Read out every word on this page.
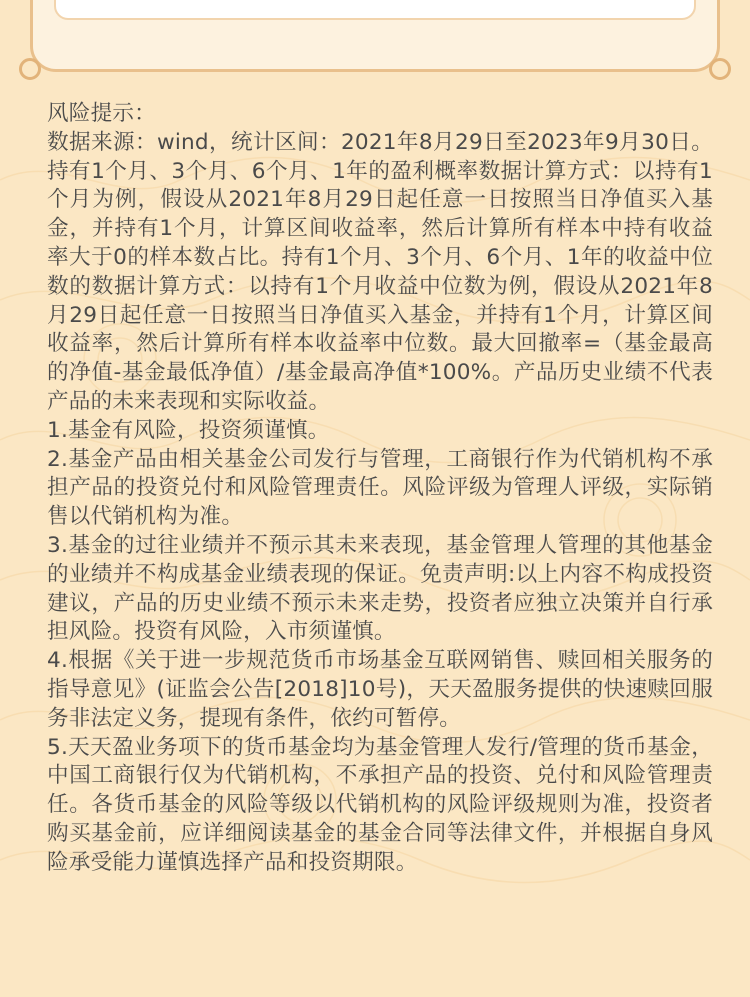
风险提示：

数据来源：wind，统计区间：2021年8月29日至2023年9月30日。持有1个月、3个月、6个月、1年的盈利概率数据计算方式：以持有1个月为例，假设从2021年8月29日起任意一日按照当日净值买入基金，并持有1个月，计算区间收益率，然后计算所有样本中持有收益率大于0的样本数占比。持有1个月、3个月、6个月、1年的收益中位数的数据计算方式：以持有1个月收益中位数为例，假设从2021年8月29日起任意一日按照当日净值买入基金，并持有1个月，计算区间收益率，然后计算所有样本收益率中位数。最大回撤率=（基金最高的净值-基金最低净值）/基金最高净值*100%。产品历史业绩不代表产品的未来表现和实际收益。

1.基金有风险，投资须谨慎。

2.基金产品由相关基金公司发行与管理，工商银行作为代销机构不承担产品的投资兑付和风险管理责任。风险评级为管理人评级，实际销售以代销机构为准。

3.基金的过往业绩并不预示其未来表现，基金管理人管理的其他基金的业绩并不构成基金业绩表现的保证。免责声明:以上内容不构成投资建议，产品的历史业绩不预示未来走势，投资者应独立决策并自行承担风险。投资有风险，入市须谨慎。

4.根据《关于进一步规范货币市场基金互联网销售、赎回相关服务的指导意见》(证监会公告[2018]10号)，天天盈服务提供的快速赎回服务非法定义务，提现有条件，依约可暂停。

5.天天盈业务项下的货币基金均为基金管理人发行/管理的货币基金，中国工商银行仅为代销机构，不承担产品的投资、兑付和风险管理责任。各货币基金的风险等级以代销机构的风险评级规则为准，投资者购买基金前，应详细阅读基金的基金合同等法律文件，并根据自身风险承受能力谨慎选择产品和投资期限。
